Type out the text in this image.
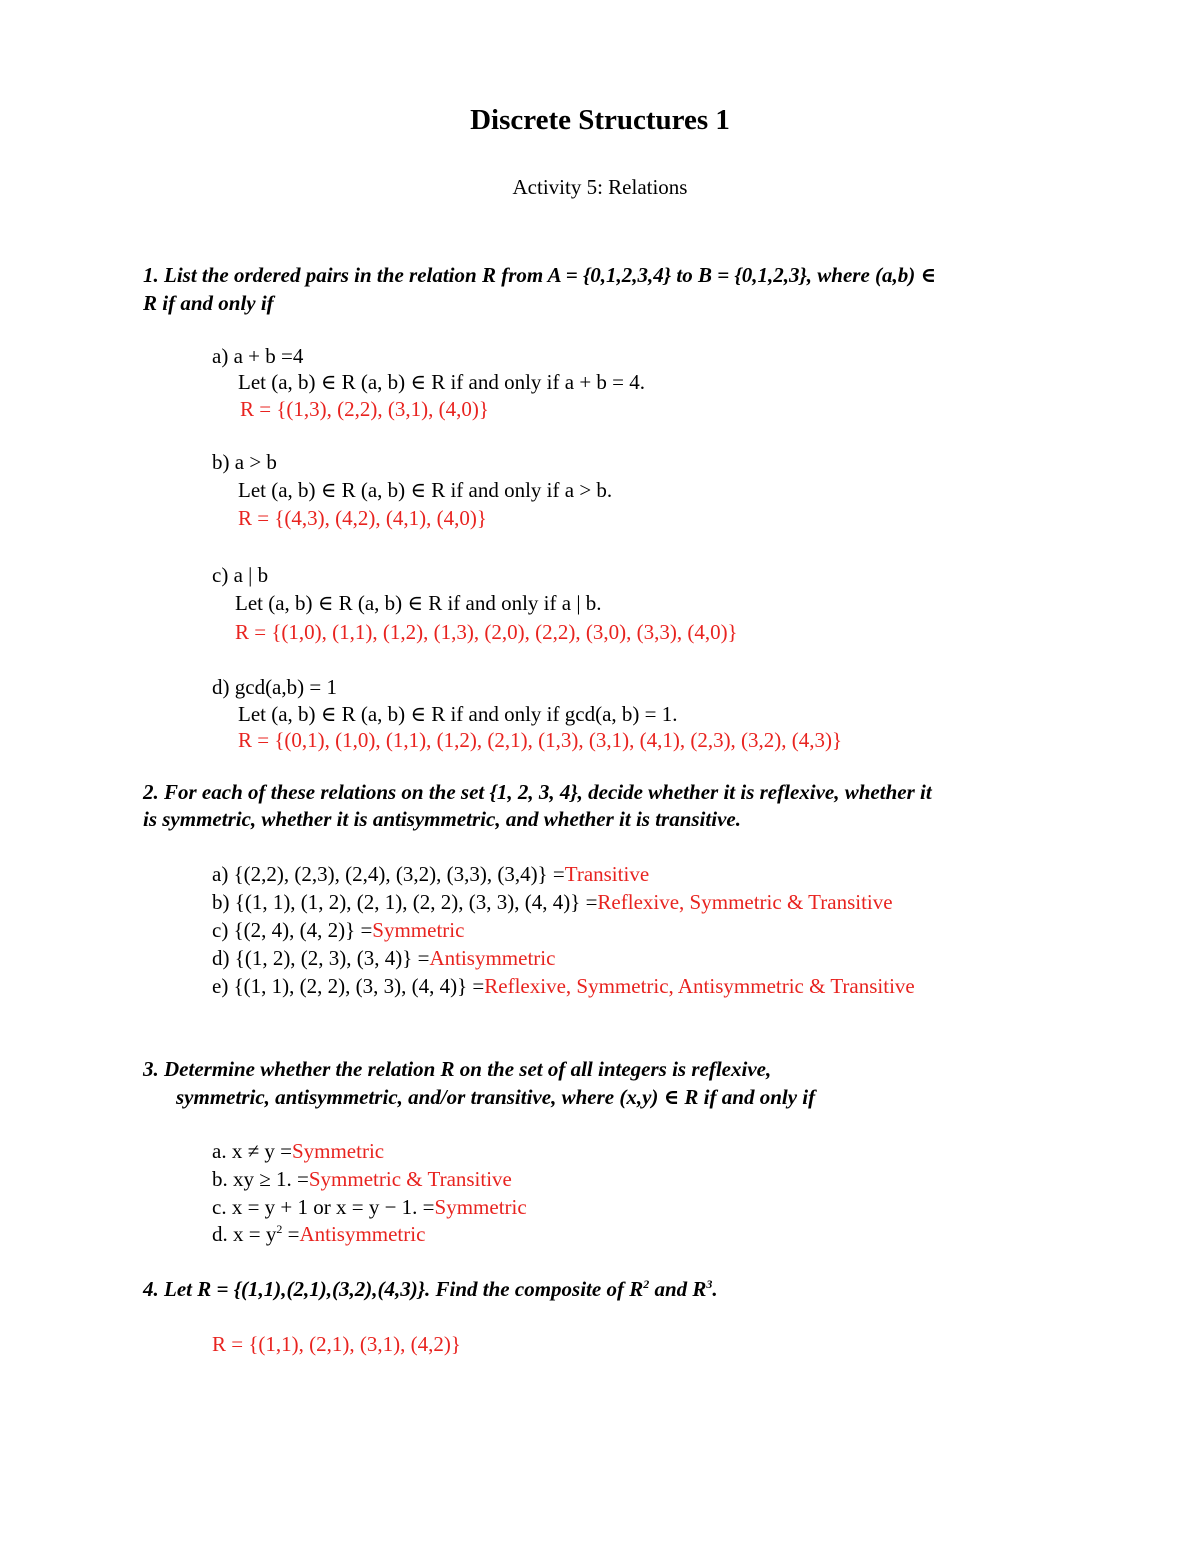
Discrete Structures 1
Activity 5: Relations
1. List the ordered pairs in the relation R from A = {0,1,2,3,4} to B = {0,1,2,3}, where (a,b) ∈
R if and only if
a) a + b =4
Let (a, b) ∈ R (a, b) ∈ R if and only if a + b = 4.
R = {(1,3), (2,2), (3,1), (4,0)}
b) a > b
Let (a, b) ∈ R (a, b) ∈ R if and only if a > b.
R = {(4,3), (4,2), (4,1), (4,0)}
c) a | b
Let (a, b) ∈ R (a, b) ∈ R if and only if a | b.
R = {(1,0), (1,1), (1,2), (1,3), (2,0), (2,2), (3,0), (3,3), (4,0)}
d) gcd(a,b) = 1
Let (a, b) ∈ R (a, b) ∈ R if and only if gcd(a, b) = 1.
R = {(0,1), (1,0), (1,1), (1,2), (2,1), (1,3), (3,1), (4,1), (2,3), (3,2), (4,3)}
2. For each of these relations on the set {1, 2, 3, 4}, decide whether it is reflexive, whether it
is symmetric, whether it is antisymmetric, and whether it is transitive.
a) {(2,2), (2,3), (2,4), (3,2), (3,3), (3,4)} =Transitive
b) {(1, 1), (1, 2), (2, 1), (2, 2), (3, 3), (4, 4)} =Reflexive, Symmetric & Transitive
c) {(2, 4), (4, 2)} =Symmetric
d) {(1, 2), (2, 3), (3, 4)} =Antisymmetric
e) {(1, 1), (2, 2), (3, 3), (4, 4)} =Reflexive, Symmetric, Antisymmetric & Transitive
3. Determine whether the relation R on the set of all integers is reflexive,
symmetric, antisymmetric, and/or transitive, where (x,y) ∈ R if and only if
a. x ≠ y =Symmetric
b. xy ≥ 1. =Symmetric & Transitive
c. x = y + 1 or x = y − 1. =Symmetric
d. $x = y^2$ =Antisymmetric
4. Let R = {(1,1),(2,1),(3,2),(4,3)}. Find the composite of $R^2$ and $R^3$.
R = {(1,1), (2,1), (3,1), (4,2)}
